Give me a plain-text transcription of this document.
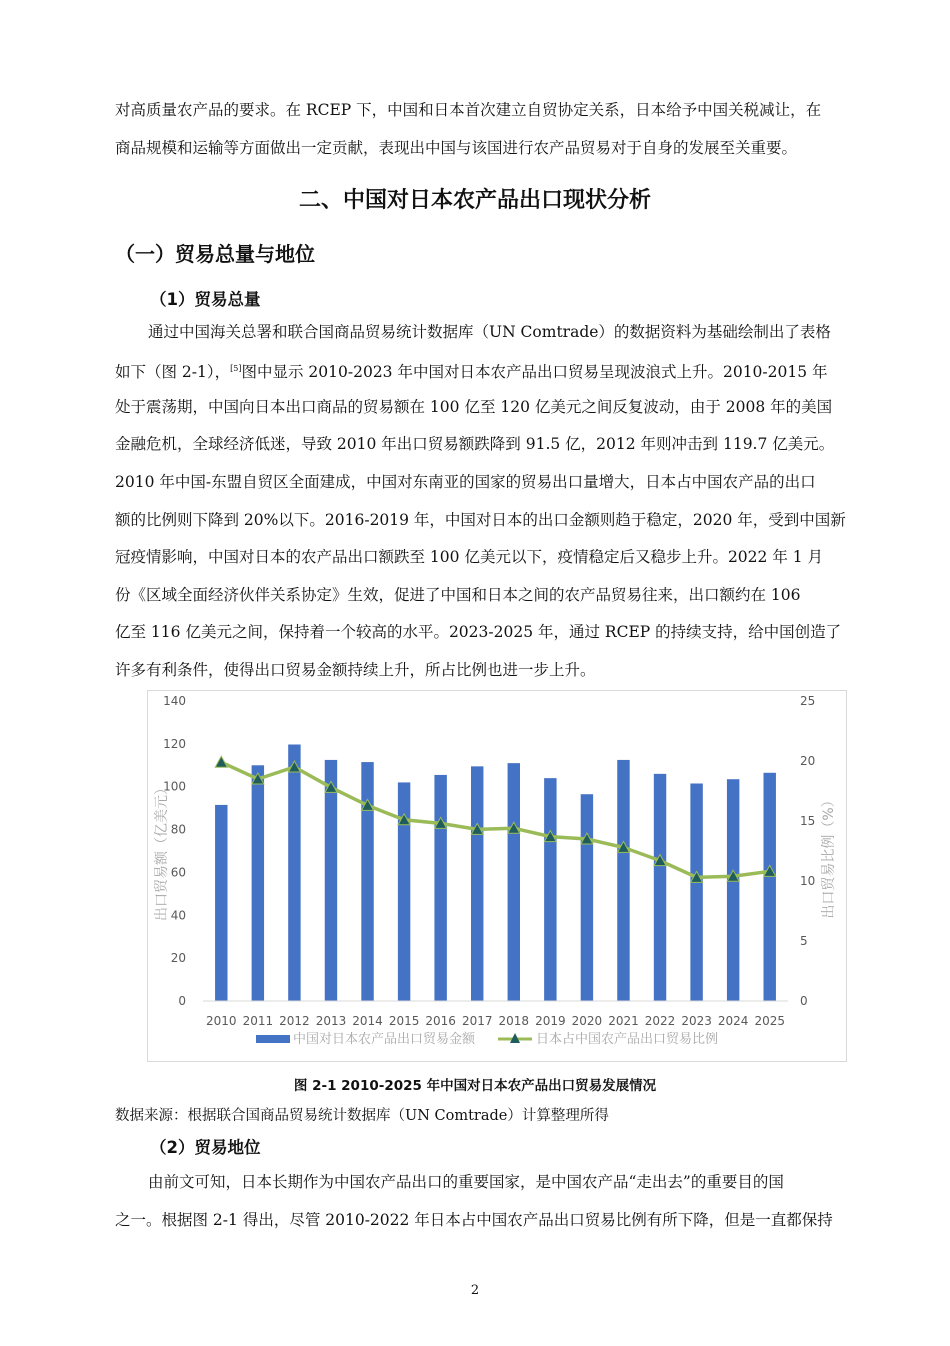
对高质量农产品的要求。在 RCEP 下，中国和日本首次建立自贸协定关系，日本给予中国关税减让，在
商品规模和运输等方面做出一定贡献，表现出中国与该国进行农产品贸易对于自身的发展至关重要。
二、中国对日本农产品出口现状分析
（一）贸易总量与地位
（1）贸易总量
通过中国海关总署和联合国商品贸易统计数据库（UN Comtrade）的数据资料为基础绘制出了表格
如下（图 2-1），[5]图中显示 2010-2023 年中国对日本农产品出口贸易呈现波浪式上升。2010-2015 年
处于震荡期，中国向日本出口商品的贸易额在 100 亿至 120 亿美元之间反复波动，由于 2008 年的美国
金融危机，全球经济低迷，导致 2010 年出口贸易额跌降到 91.5 亿，2012 年则冲击到 119.7 亿美元。
2010 年中国-东盟自贸区全面建成，中国对东南亚的国家的贸易出口量增大，日本占中国农产品的出口
额的比例则下降到 20%以下。2016-2019 年，中国对日本的出口金额则趋于稳定，2020 年，受到中国新
冠疫情影响，中国对日本的农产品出口额跌至 100 亿美元以下，疫情稳定后又稳步上升。2022 年 1 月
份《区域全面经济伙伴关系协定》生效，促进了中国和日本之间的农产品贸易往来，出口额约在 106
亿至 116 亿美元之间，保持着一个较高的水平。2023-2025 年，通过 RCEP 的持续支持，给中国创造了
许多有利条件，使得出口贸易金额持续上升，所占比例也进一步上升。
0
20
40
60
80
100
120
140
0
5
10
15
20
25
2010 2011 2012 2013 2014 2015 2016 2017 2018 2019 2020 2021 2022 2023 2024 2025
出口贸易额（亿美元）	出口贸易比例（%）
中国对日本农产品出口贸易金额	日本占中国农产品出口贸易比例
图 2-1 2010-2025 年中国对日本农产品出口贸易发展情况
数据来源：根据联合国商品贸易统计数据库（UN Comtrade）计算整理所得
（2）贸易地位
由前文可知，日本长期作为中国农产品出口的重要国家，是中国农产品“走出去”的重要目的国
之一。根据图 2-1 得出，尽管 2010-2022 年日本占中国农产品出口贸易比例有所下降，但是一直都保持
2
